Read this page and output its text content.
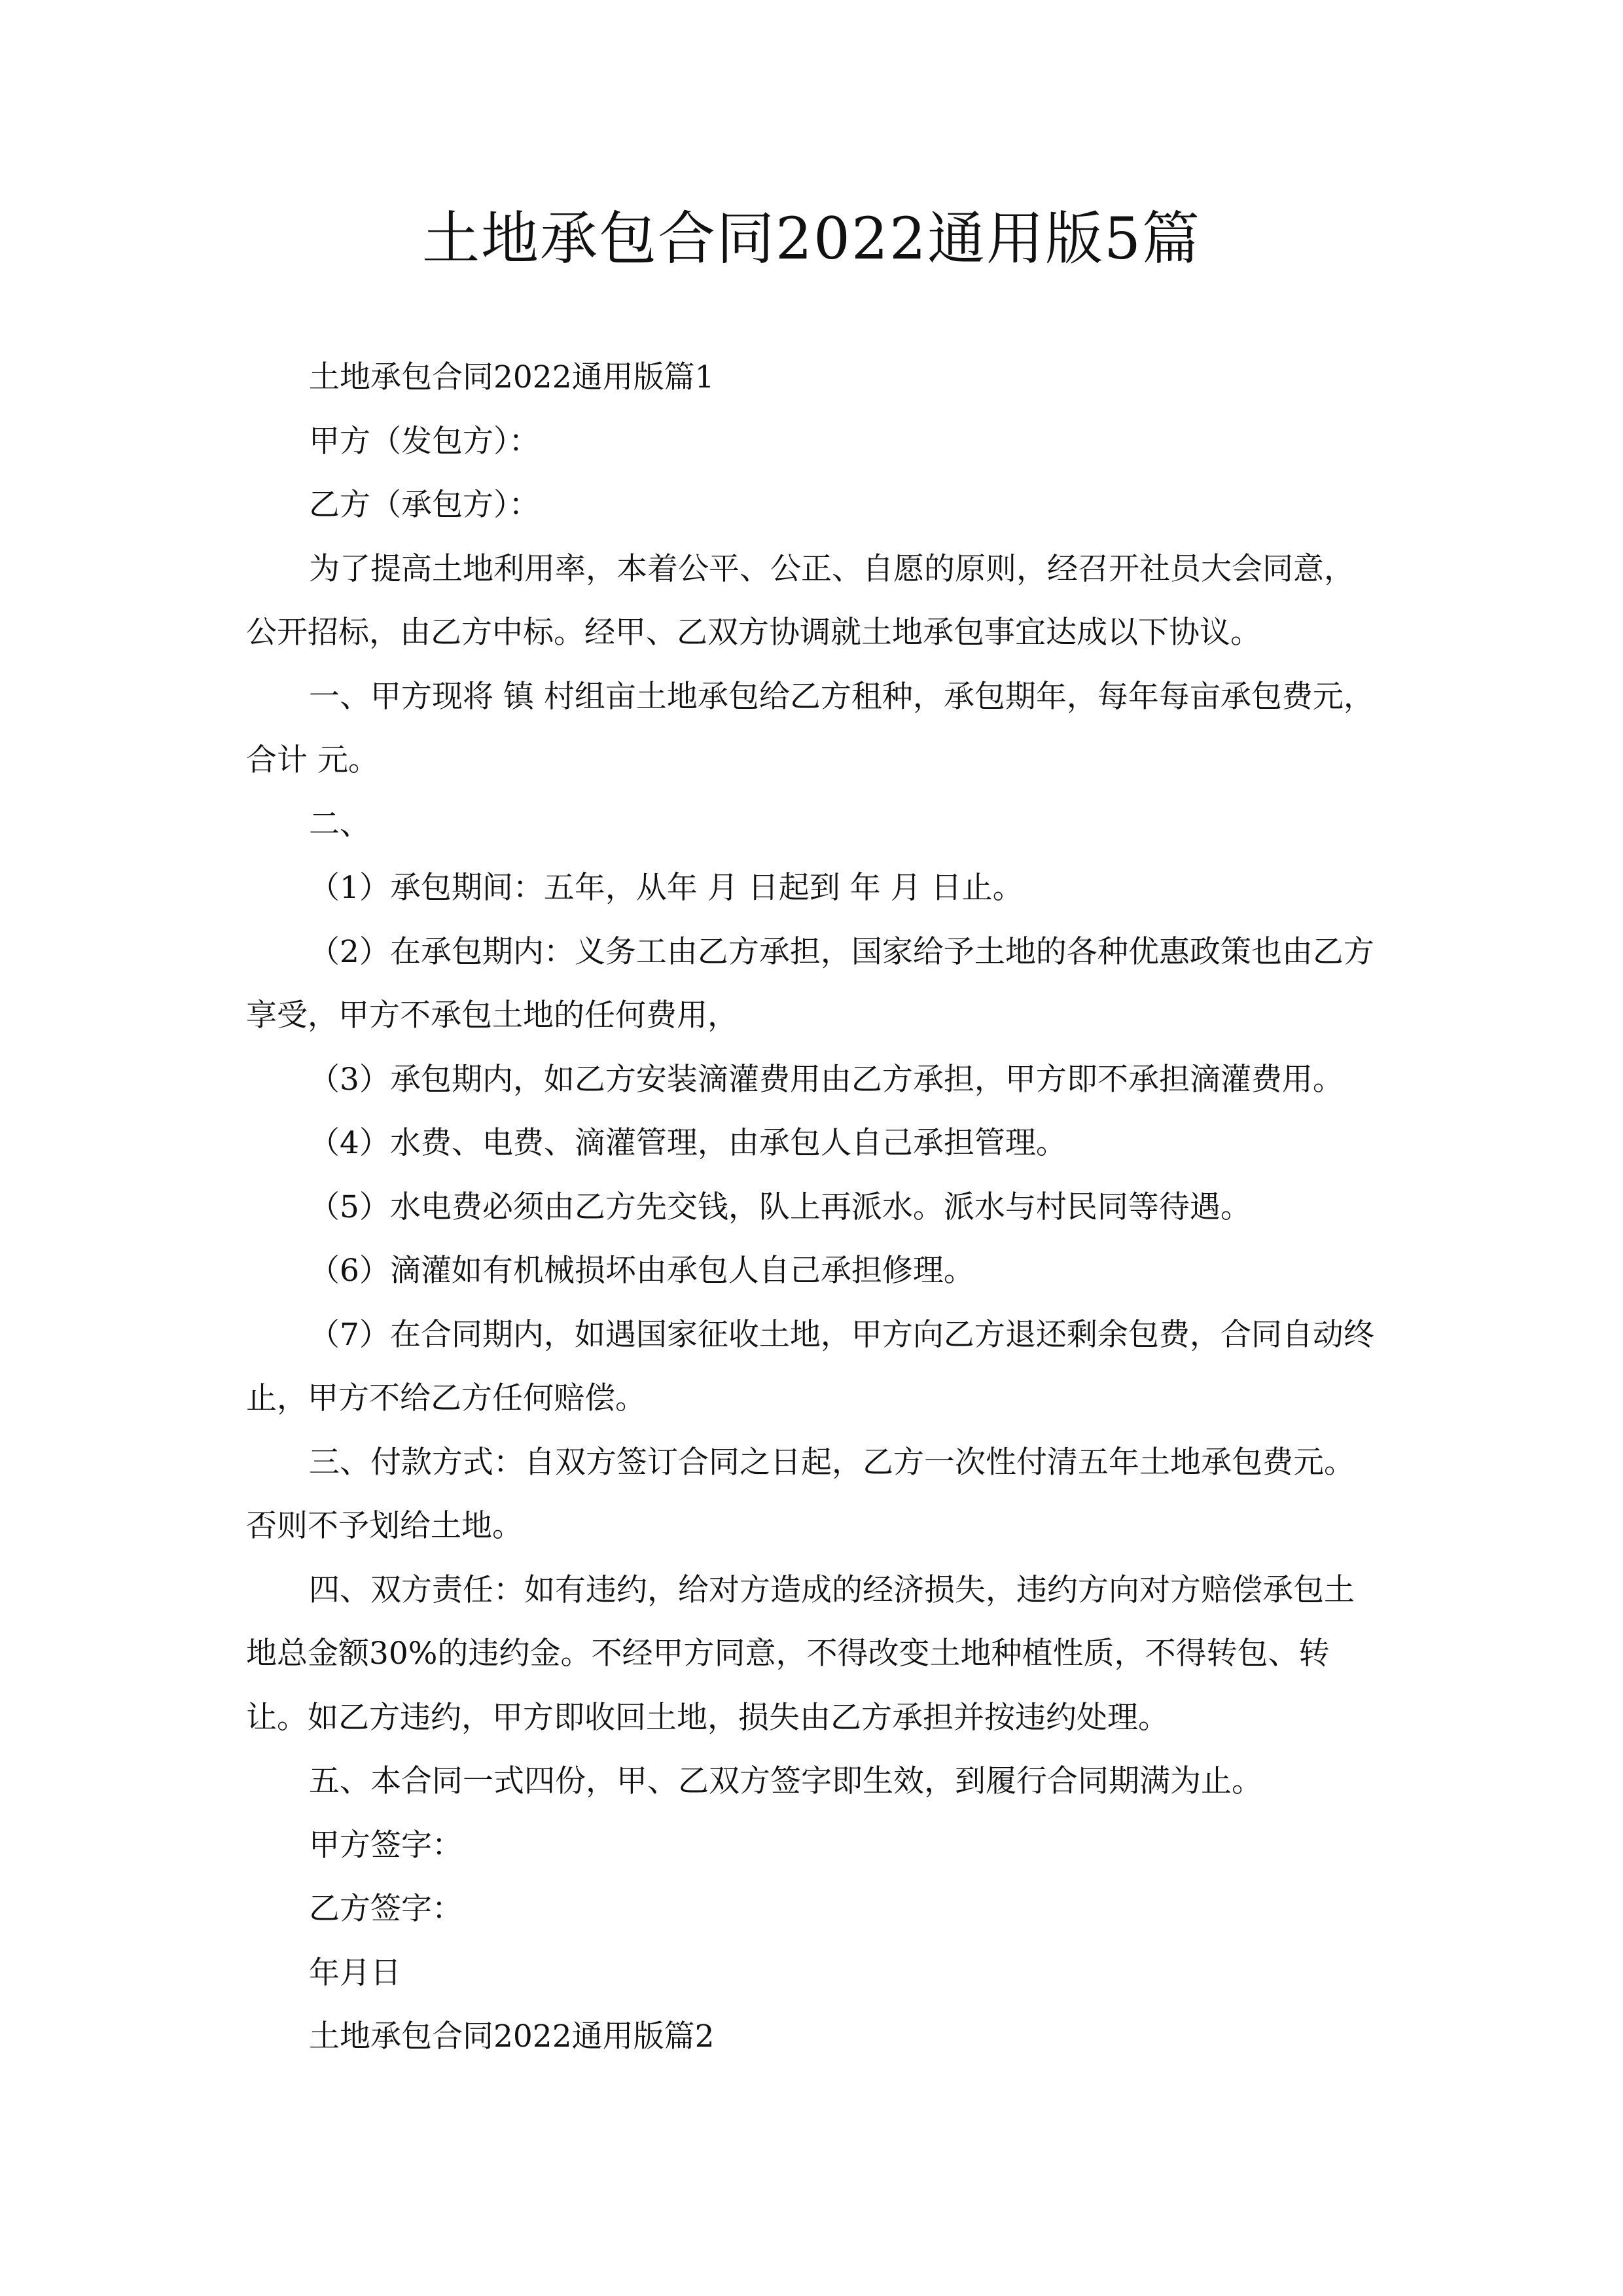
土地承包合同2022通用版5篇

土地承包合同2022通用版篇1

甲方（发包方）：

乙方（承包方）：

为了提高土地利用率，本着公平、公正、自愿的原则，经召开社员大会同意，公开招标，由乙方中标。经甲、乙双方协调就土地承包事宜达成以下协议。

一、甲方现将 镇 村组亩土地承包给乙方租种，承包期年，每年每亩承包费元，合计 元。

二、

（1）承包期间：五年，从年 月 日起到 年 月 日止。

（2）在承包期内：义务工由乙方承担，国家给予土地的各种优惠政策也由乙方享受，甲方不承包土地的任何费用，

（3）承包期内，如乙方安装滴灌费用由乙方承担，甲方即不承担滴灌费用。

（4）水费、电费、滴灌管理，由承包人自己承担管理。

（5）水电费必须由乙方先交钱，队上再派水。派水与村民同等待遇。

（6）滴灌如有机械损坏由承包人自己承担修理。

（7）在合同期内，如遇国家征收土地，甲方向乙方退还剩余包费，合同自动终止，甲方不给乙方任何赔偿。

三、付款方式：自双方签订合同之日起，乙方一次性付清五年土地承包费元。否则不予划给土地。

四、双方责任：如有违约，给对方造成的经济损失，违约方向对方赔偿承包土地总金额30%的违约金。不经甲方同意，不得改变土地种植性质，不得转包、转让。如乙方违约，甲方即收回土地，损失由乙方承担并按违约处理。

五、本合同一式四份，甲、乙双方签字即生效，到履行合同期满为止。

甲方签字：

乙方签字：

年月日

土地承包合同2022通用版篇2
